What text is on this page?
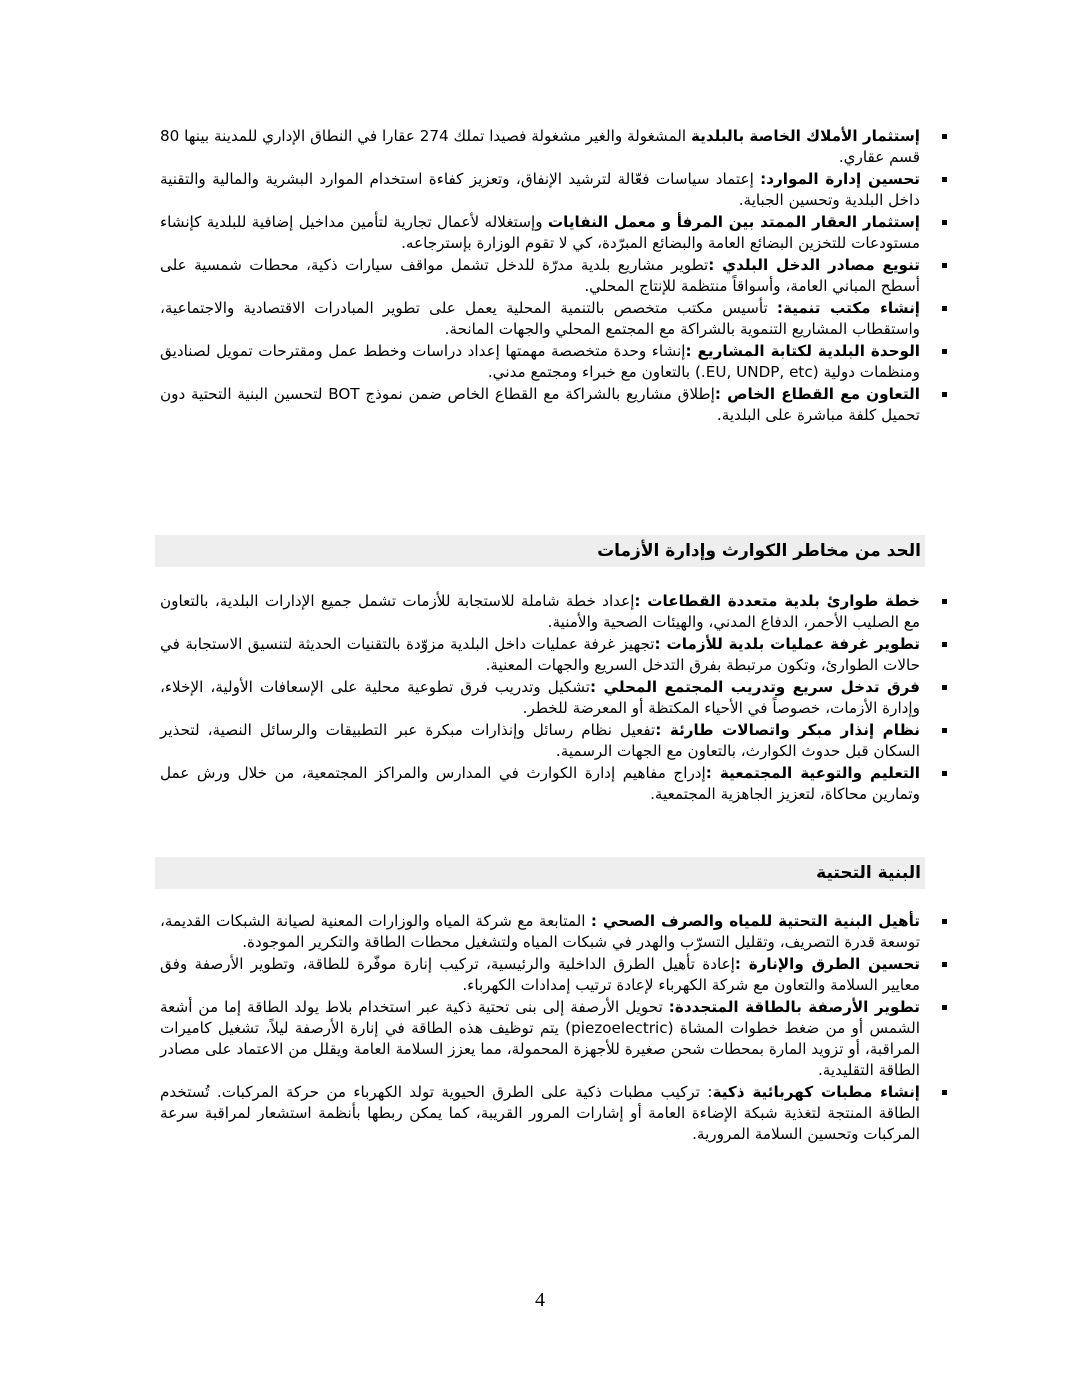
إستثمار الأملاك الخاصة بالبلدية المشغولة والغير مشغولة فصيدا تملك 274 عقارا في النطاق الإداري للمدينة بينها 80 قسم عقاري.
تحسين إدارة الموارد: إعتماد سياسات فعّالة لترشيد الإنفاق، وتعزيز كفاءة استخدام الموارد البشرية والمالية والتقنية داخل البلدية وتحسين الجباية.
إستثمار العقار الممتد بين المرفأ و معمل النفايات وإستغلاله لأعمال تجارية لتأمين مداخيل إضافية للبلدية كإنشاء مستودعات للتخزين البضائع العامة والبضائع المبرّدة، كي لا تقوم الوزارة بإسترجاعه.
تنويع مصادر الدخل البلدي :تطوير مشاريع بلدية مدرّة للدخل تشمل مواقف سيارات ذكية، محطات شمسية على أسطح المباني العامة، وأسواقاً منتظمة للإنتاج المحلي.
إنشاء مكتب تنمية: تأسيس مكتب متخصص بالتنمية المحلية يعمل على تطوير المبادرات الاقتصادية والاجتماعية، واستقطاب المشاريع التنموية بالشراكة مع المجتمع المحلي والجهات المانحة.
الوحدة البلدية لكتابة المشاريع :إنشاء وحدة متخصصة مهمتها إعداد دراسات وخطط عمل ومقترحات تمويل لصناديق ومنظمات دولية (EU, UNDP, etc.) بالتعاون مع خبراء ومجتمع مدني.
التعاون مع القطاع الخاص :إطلاق مشاريع بالشراكة مع القطاع الخاص ضمن نموذج BOT لتحسين البنية التحتية دون تحميل كلفة مباشرة على البلدية.
الحد من مخاطر الكوارث وإدارة الأزمات
خطة طوارئ بلدية متعددة القطاعات :إعداد خطة شاملة للاستجابة للأزمات تشمل جميع الإدارات البلدية، بالتعاون مع الصليب الأحمر، الدفاع المدني، والهيئات الصحية والأمنية.
تطوير غرفة عمليات بلدية للأزمات :تجهيز غرفة عمليات داخل البلدية مزوّدة بالتقنيات الحديثة لتنسيق الاستجابة في حالات الطوارئ، وتكون مرتبطة بفرق التدخل السريع والجهات المعنية.
فرق تدخل سريع وتدريب المجتمع المحلي :تشكيل وتدريب فرق تطوعية محلية على الإسعافات الأولية، الإخلاء، وإدارة الأزمات، خصوصاً في الأحياء المكتظة أو المعرضة للخطر.
نظام إنذار مبكر واتصالات طارئة :تفعيل نظام رسائل وإنذارات مبكرة عبر التطبيقات والرسائل النصية، لتحذير السكان قبل حدوث الكوارث، بالتعاون مع الجهات الرسمية.
التعليم والتوعية المجتمعية :إدراج مفاهيم إدارة الكوارث في المدارس والمراكز المجتمعية، من خلال ورش عمل وتمارين محاكاة، لتعزيز الجاهزية المجتمعية.
البنية التحتية
تأهيل البنية التحتية للمياه والصرف الصحي : المتابعة مع شركة المياه والوزارات المعنية لصيانة الشبكات القديمة، توسعة قدرة التصريف، وتقليل التسرّب والهدر في شبكات المياه ولتشغيل محطات الطاقة والتكرير الموجودة.
تحسين الطرق والإنارة :إعادة تأهيل الطرق الداخلية والرئيسية، تركيب إنارة موفّرة للطاقة، وتطوير الأرصفة وفق معايير السلامة والتعاون مع شركة الكهرباء لإعادة ترتيب إمدادات الكهرباء.
تطوير الأرصفة بالطاقة المتجددة: تحويل الأرصفة إلى بنى تحتية ذكية عبر استخدام بلاط يولد الطاقة إما من أشعة الشمس أو من ضغط خطوات المشاة (piezoelectric) يتم توظيف هذه الطاقة في إنارة الأرصفة ليلاً، تشغيل كاميرات المراقبة، أو تزويد المارة بمحطات شحن صغيرة للأجهزة المحمولة، مما يعزز السلامة العامة ويقلل من الاعتماد على مصادر الطاقة التقليدية.
إنشاء مطبات كهربائية ذكية: تركيب مطبات ذكية على الطرق الحيوية تولد الكهرباء من حركة المركبات. تُستخدم الطاقة المنتجة لتغذية شبكة الإضاءة العامة أو إشارات المرور القريبة، كما يمكن ربطها بأنظمة استشعار لمراقبة سرعة المركبات وتحسين السلامة المرورية.
4
